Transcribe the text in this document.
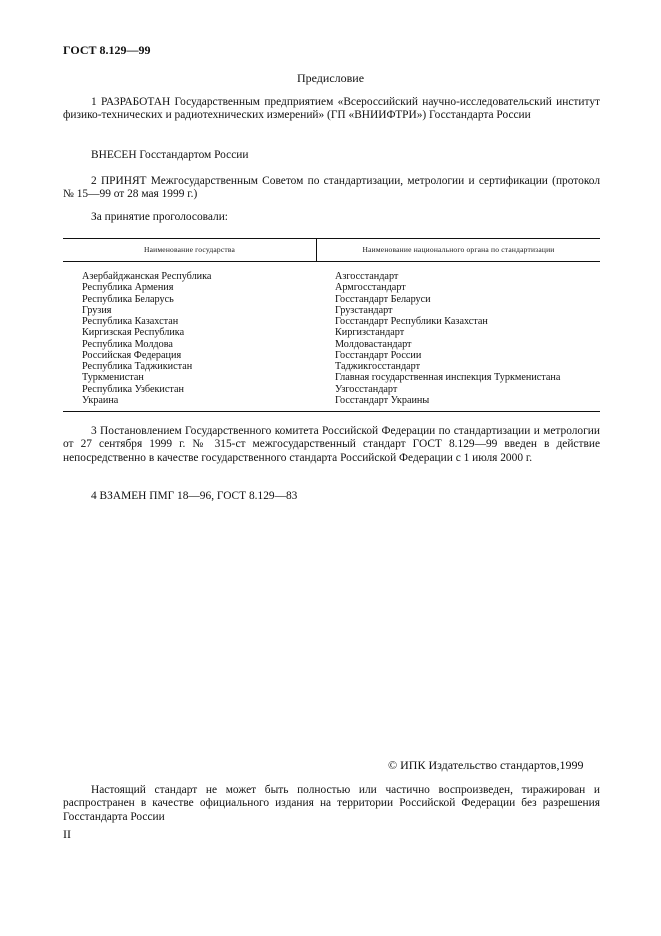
ГОСТ 8.129—99
Предисловие

1 РАЗРАБОТАН Государственным предприятием «Всероссийский научно-исследовательский институт физико-технических и радиотехнических измерений» (ГП «ВНИИФТРИ») Госстандарта России

ВНЕСЕН Госстандартом России

2 ПРИНЯТ Межгосударственным Советом по стандартизации, метрологии и сертификации (протокол № 15—99 от 28 мая 1999 г.)

За принятие проголосовали:

Наименование государства	Наименование национального органа по стандартизации
Азербайджанская Республика
Республика Армения
Республика Беларусь
Грузия
Республика Казахстан
Киргизская Республика
Республика Молдова
Российская Федерация
Республика Таджикистан
Туркменистан
Республика Узбекистан
Украина
Азгосстандарт
Армгосстандарт
Госстандарт Беларуси
Грузстандарт
Госстандарт Республики Казахстан
Киргизстандарт
Молдовастандарт
Госстандарт России
Таджикгосстандарт
Главная государственная инспекция Туркменистана
Узгосстандарт
Госстандарт Украины

3 Постановлением Государственного комитета Российской Федерации по стандартизации и метрологии от 27 сентября 1999 г. № 315-ст межгосударственный стандарт ГОСТ 8.129—99 введен в действие непосредственно в качестве государственного стандарта Российской Федерации с 1 июля 2000 г.

4 ВЗАМЕН ПМГ 18—96, ГОСТ 8.129—83

© ИПК Издательство стандартов,1999

Настоящий стандарт не может быть полностью или частично воспроизведен, тиражирован и распространен в качестве официального издания на территории Российской Федерации без разрешения Госстандарта России

II
